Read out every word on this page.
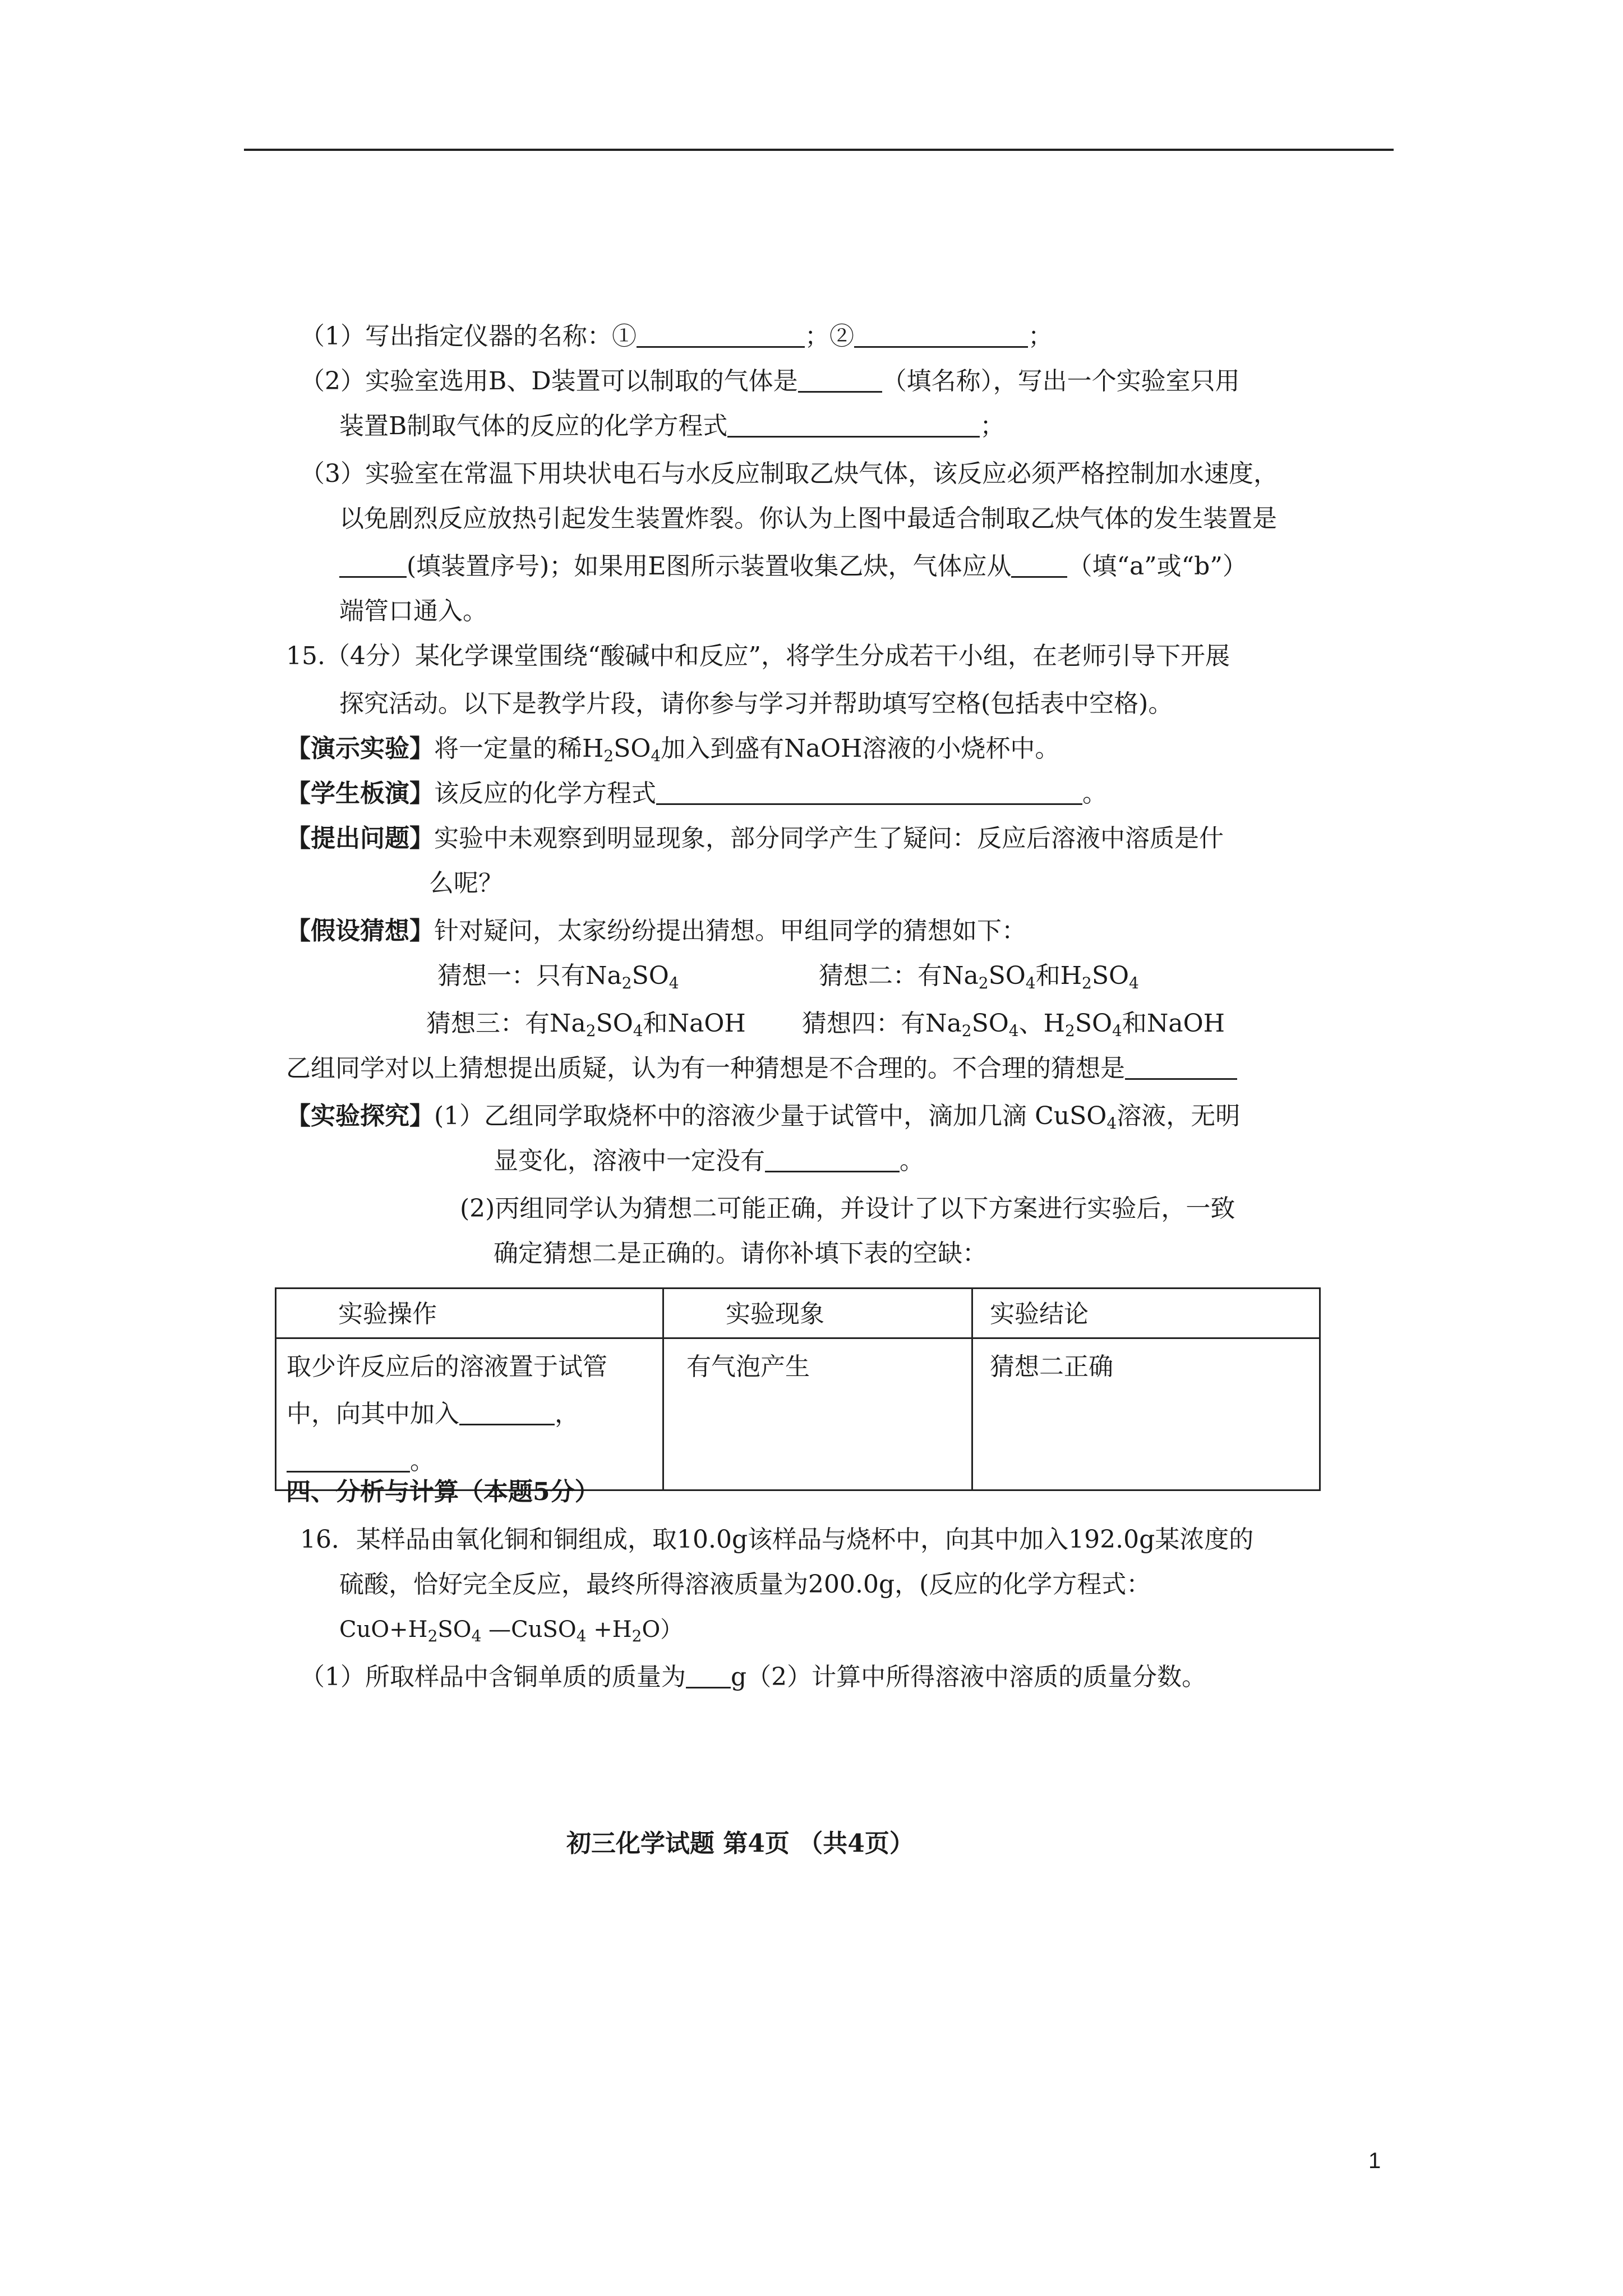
（1）写出指定仪器的名称：①	；②	；
（2）实验室选用B、D装置可以制取的气体是	（填名称），写出一个实验室只用
装置B制取气体的反应的化学方程式	；
（3）实验室在常温下用块状电石与水反应制取乙炔气体，该反应必须严格控制加水速度，
以免剧烈反应放热引起发生装置炸裂。你认为上图中最适合制取乙炔气体的发生装置是
(填装置序号)；如果用E图所示装置收集乙炔，气体应从 （填“a”或“b”）
端管口通入。
15.（4分）某化学课堂围绕“酸碱中和反应”，将学生分成若干小组，在老师引导下开展
探究活动。以下是教学片段，请你参与学习并帮助填写空格(包括表中空格)。
【演示实验】将一定量的稀$H_2SO_4$加入到盛有NaOH溶液的小烧杯中。
【学生板演】该反应的化学方程式	。
【提出问题】实验中未观察到明显现象，部分同学产生了疑问：反应后溶液中溶质是什
么呢？
【假设猜想】针对疑问，太家纷纷提出猜想。甲组同学的猜想如下：
猜想一：只有$Na_2SO_4$	猜想二：有$Na_2SO_4$和$H_2SO_4$
猜想三：有$Na_2SO_4$和NaOH 猜想四：有$Na_2SO_4$、$H_2SO_4$和NaOH
乙组同学对以上猜想提出质疑，认为有一种猜想是不合理的。不合理的猜想是
【实验探究】(1）乙组同学取烧杯中的溶液少量于试管中，滴加几滴 CuSO$_4$溶液，无明
显变化，溶液中一定没有	。
(2)丙组同学认为猜想二可能正确，并设计了以下方案进行实验后，一致
确定猜想二是正确的。请你补填下表的空缺：
实验操作	实验现象	实验结论

取少许反应后的溶液置于试管
中，向其中加入 ，
。	有气泡产生	猜想二正确
四、分析与计算（本题5分）
16．某样品由氧化铜和铜组成，取10.0g该样品与烧杯中，向其中加入192.0g某浓度的
硫酸，恰好完全反应，最终所得溶液质量为200.0g，(反应的化学方程式：
$CuO+H_2SO_4$ —CuSO$_4$ $+H_2O$）
（1）所取样品中含铜单质的质量为 g（2）计算中所得溶液中溶质的质量分数。
初三化学试题 第4页 （共4页）
1
